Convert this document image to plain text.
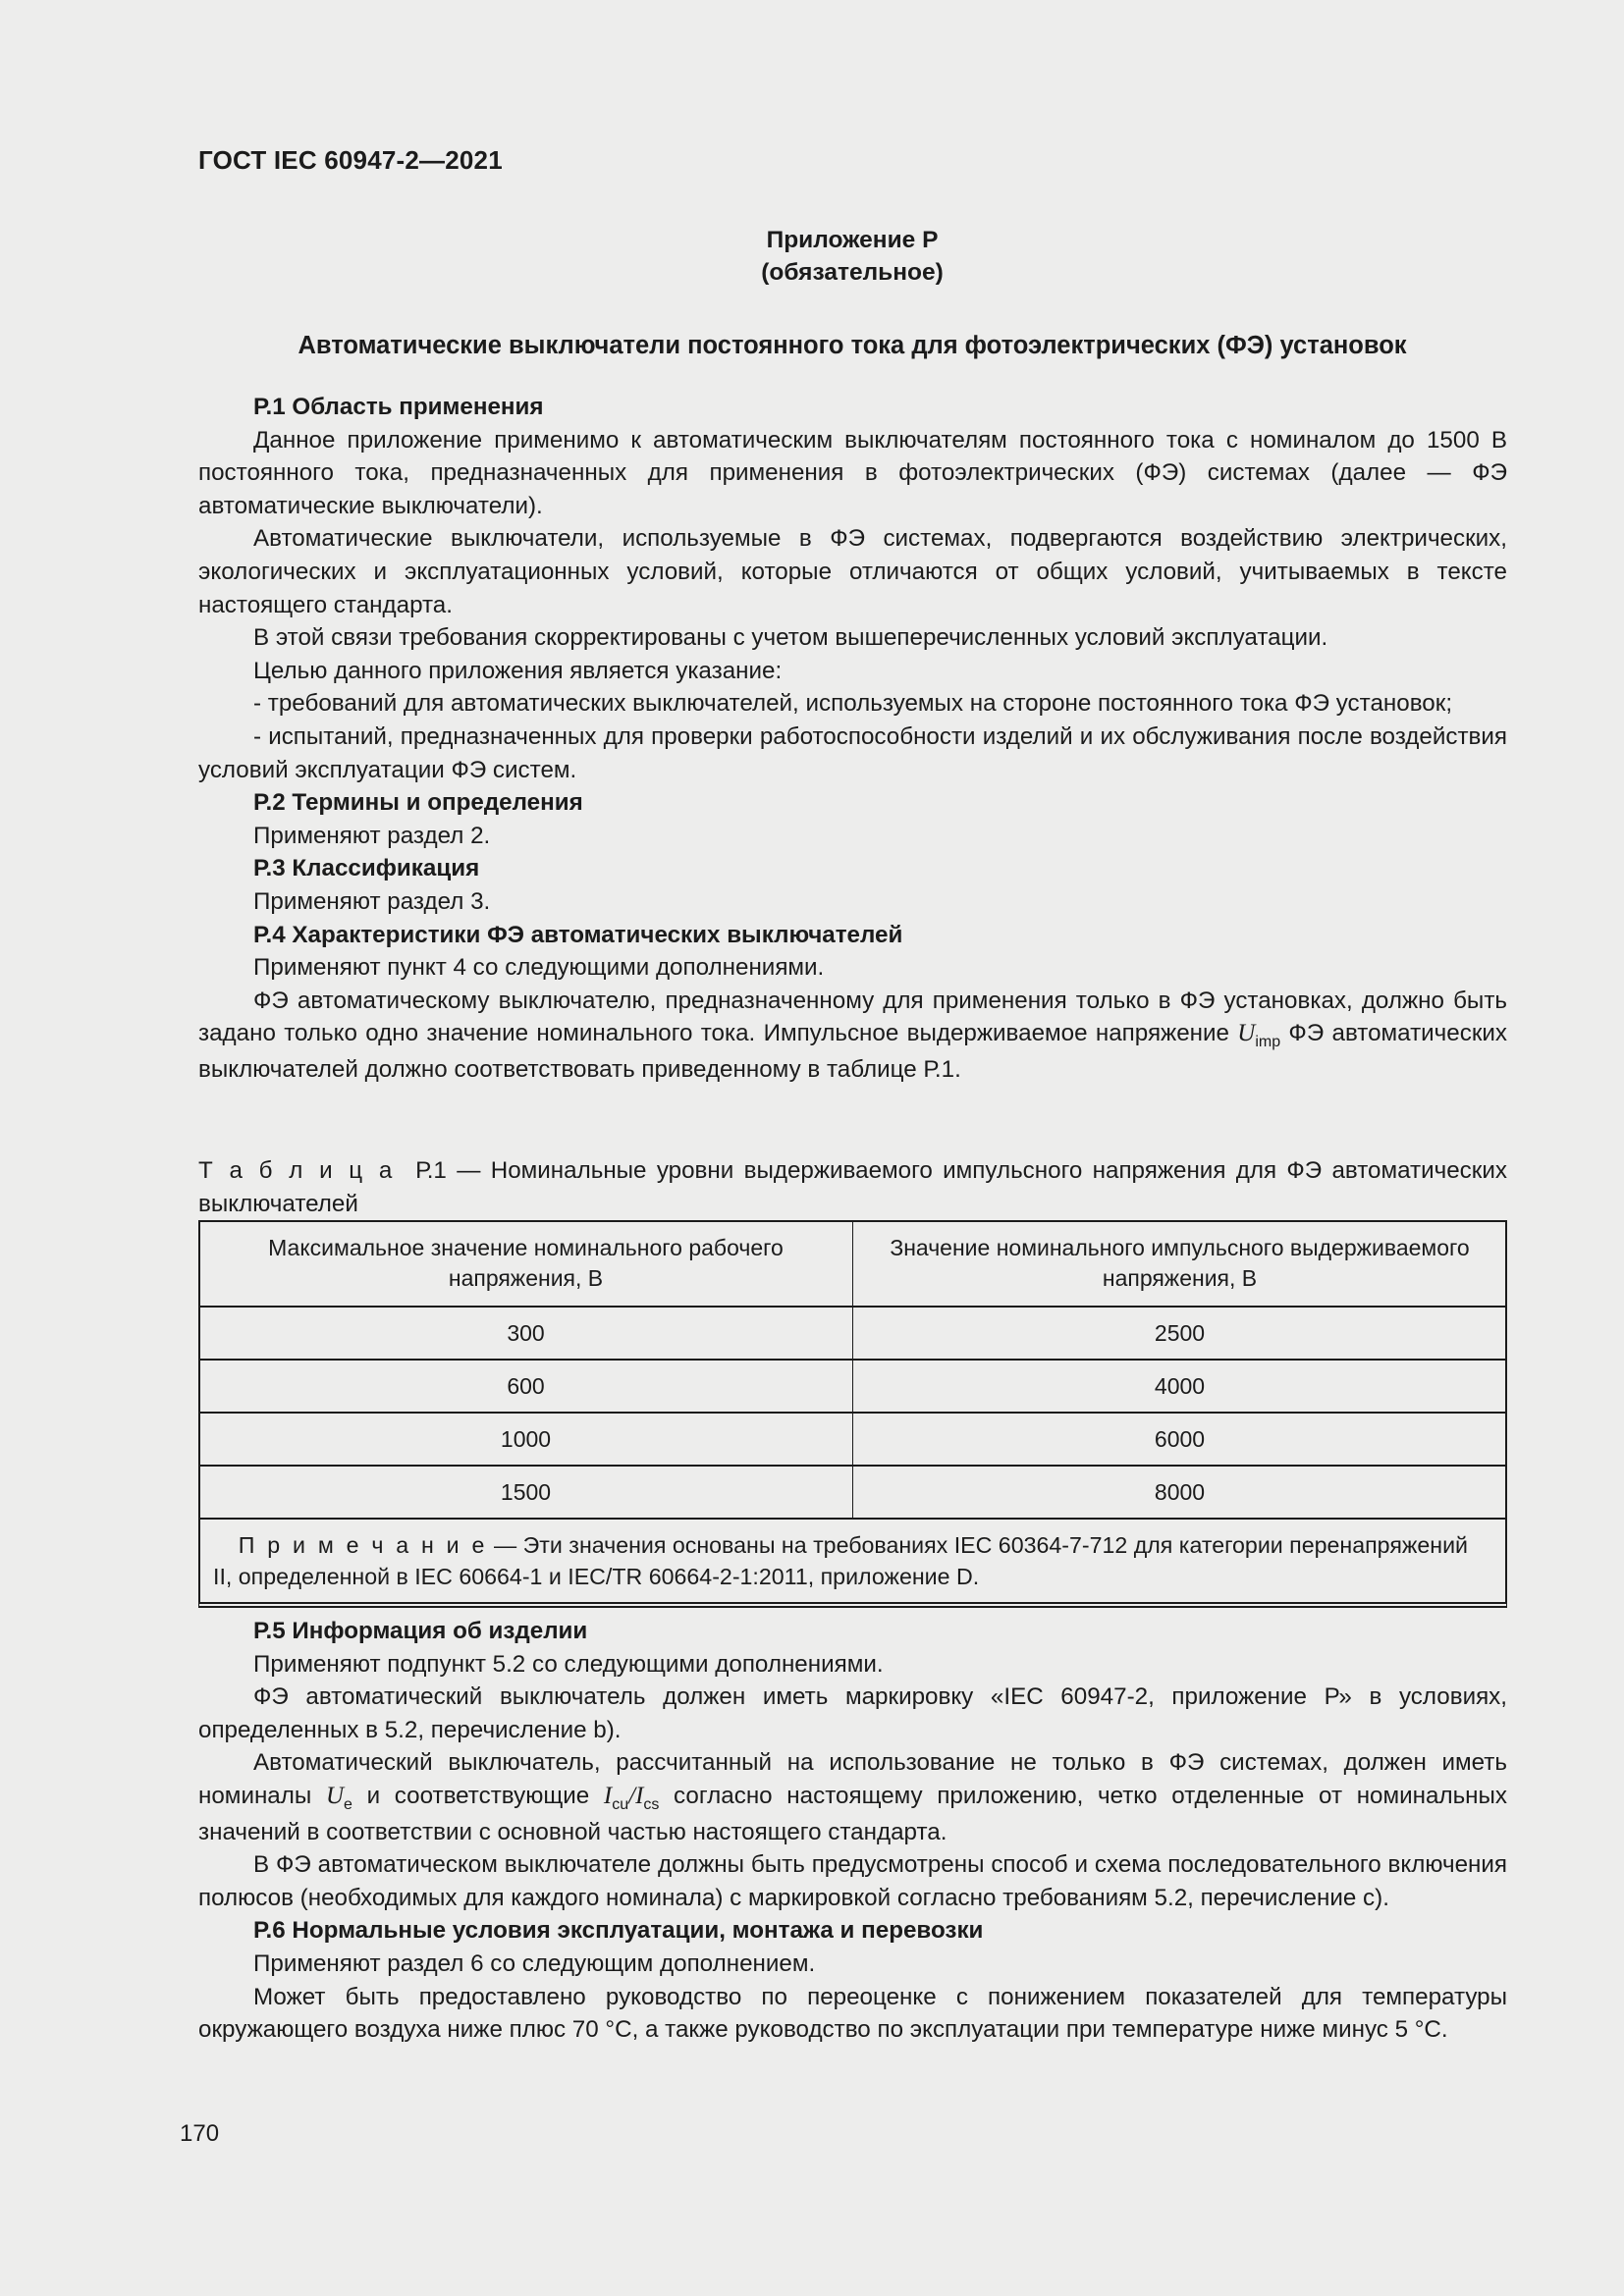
ГОСТ IEC 60947-2—2021
Приложение Р
(обязательное)
Автоматические выключатели постоянного тока для фотоэлектрических (ФЭ) установок
Р.1 Область применения

Данное приложение применимо к автоматическим выключателям постоянного тока с номиналом до 1500 В постоянного тока, предназначенных для применения в фотоэлектрических (ФЭ) системах (далее — ФЭ автоматические выключатели).

Автоматические выключатели, используемые в ФЭ системах, подвергаются воздействию электрических, экологических и эксплуатационных условий, которые отличаются от общих условий, учитываемых в тексте настоящего стандарта.

В этой связи требования скорректированы с учетом вышеперечисленных условий эксплуатации.

Целью данного приложения является указание:

- требований для автоматических выключателей, используемых на стороне постоянного тока ФЭ установок;

- испытаний, предназначенных для проверки работоспособности изделий и их обслуживания после воздействия условий эксплуатации ФЭ систем.

Р.2 Термины и определения

Применяют раздел 2.

Р.3 Классификация

Применяют раздел 3.

Р.4 Характеристики ФЭ автоматических выключателей

Применяют пункт 4 со следующими дополнениями.

ФЭ автоматическому выключателю, предназначенному для применения только в ФЭ установках, должно быть задано только одно значение номинального тока. Импульсное выдерживаемое напряжение $U_{imp}$ ФЭ автоматических выключателей должно соответствовать приведенному в таблице Р.1.

Т а б л и ц а Р.1 — Номинальные уровни выдерживаемого импульсного напряжения для ФЭ автоматических выключателей
Максимальное значение номинального рабочего напряжения, В	Значение номинального импульсного выдерживаемого напряжения, В
300	2500
600	4000
1000	6000
1500	8000
П р и м е ч а н и е — Эти значения основаны на требованиях IEC 60364-7-712 для категории перенапряжений II, определенной в IEC 60664-1 и IEC/TR 60664-2-1:2011, приложение D.	
Р.5 Информация об изделии

Применяют подпункт 5.2 со следующими дополнениями.

ФЭ автоматический выключатель должен иметь маркировку «IEC 60947-2, приложение Р» в условиях, определенных в 5.2, перечисление b).

Автоматический выключатель, рассчитанный на использование не только в ФЭ системах, должен иметь номиналы $U_e$ и соответствующие $I_{cu}/I_{cs}$ согласно настоящему приложению, четко отделенные от номинальных значений в соответствии с основной частью настоящего стандарта.

В ФЭ автоматическом выключателе должны быть предусмотрены способ и схема последовательного включения полюсов (необходимых для каждого номинала) с маркировкой согласно требованиям 5.2, перечисление c).

Р.6 Нормальные условия эксплуатации, монтажа и перевозки

Применяют раздел 6 со следующим дополнением.

Может быть предоставлено руководство по переоценке с понижением показателей для температуры окружающего воздуха ниже плюс 70 °С, а также руководство по эксплуатации при температуре ниже минус 5 °С.

170
